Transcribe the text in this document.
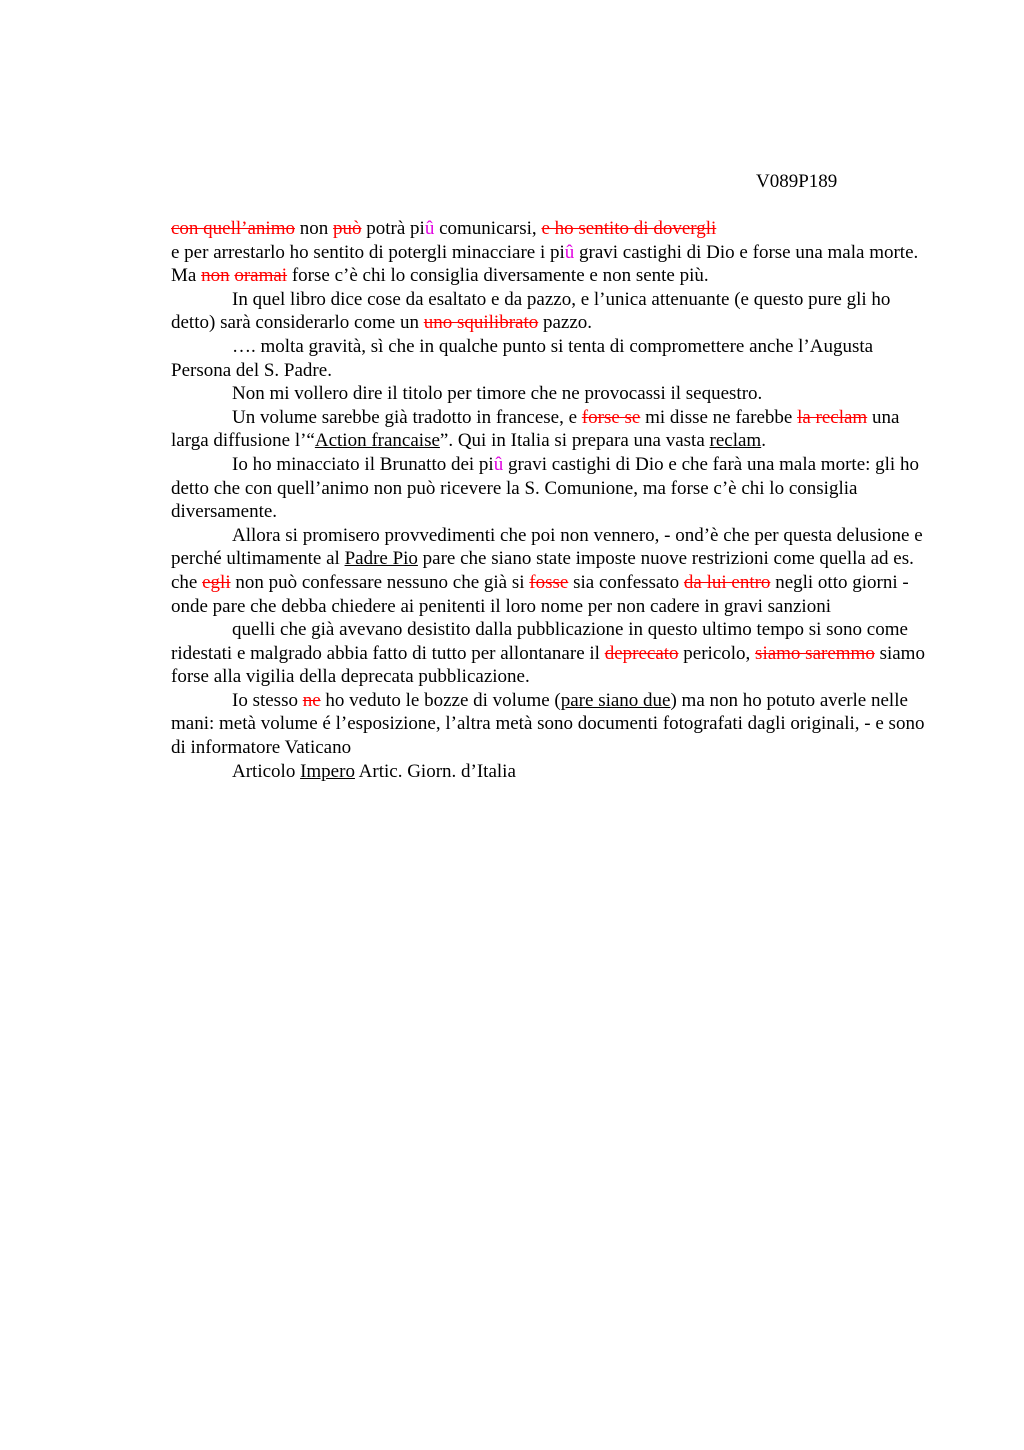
V089P189

con quell’animo non può potrà piû comunicarsi, e ho sentito di dovergli

e per arrestarlo ho sentito di potergli minacciare i piû gravi castighi di Dio e forse una mala morte. Ma non oramai forse c’è chi lo consiglia diversamente e non sente più.

In quel libro dice cose da esaltato e da pazzo, e l’unica attenuante (e questo pure gli ho detto) sarà considerarlo come un uno squilibrato pazzo.

…. molta gravità, sì che in qualche punto si tenta di compromettere anche l’Augusta Persona del S. Padre.

Non mi vollero dire il titolo per timore che ne provocassi il sequestro.

Un volume sarebbe già tradotto in francese, e forse se mi disse ne farebbe la reclam una larga diffusione l’“Action francaise”. Qui in Italia si prepara una vasta reclam.

Io ho minacciato il Brunatto dei piû gravi castighi di Dio e che farà una mala morte: gli ho detto che con quell’animo non può ricevere la S. Comunione, ma forse c’è chi lo consiglia diversamente.

Allora si promisero provvedimenti che poi non vennero, - ond’è che per questa delusione e perché ultimamente al Padre Pio pare che siano state imposte nuove restrizioni come quella ad es. che egli non può confessare nessuno che già si fosse sia confessato da lui entro negli otto giorni - onde pare che debba chiedere ai penitenti il loro nome per non cadere in gravi sanzioni

quelli che già avevano desistito dalla pubblicazione in questo ultimo tempo si sono come ridestati e malgrado abbia fatto di tutto per allontanare il deprecato pericolo, siamo saremmo siamo forse alla vigilia della deprecata pubblicazione.

Io stesso ne ho veduto le bozze di volume (pare siano due) ma non ho potuto averle nelle mani: metà volume é l’esposizione, l’altra metà sono documenti fotografati dagli originali, - e sono di informatore Vaticano

Articolo Impero Artic. Giorn. d’Italia
